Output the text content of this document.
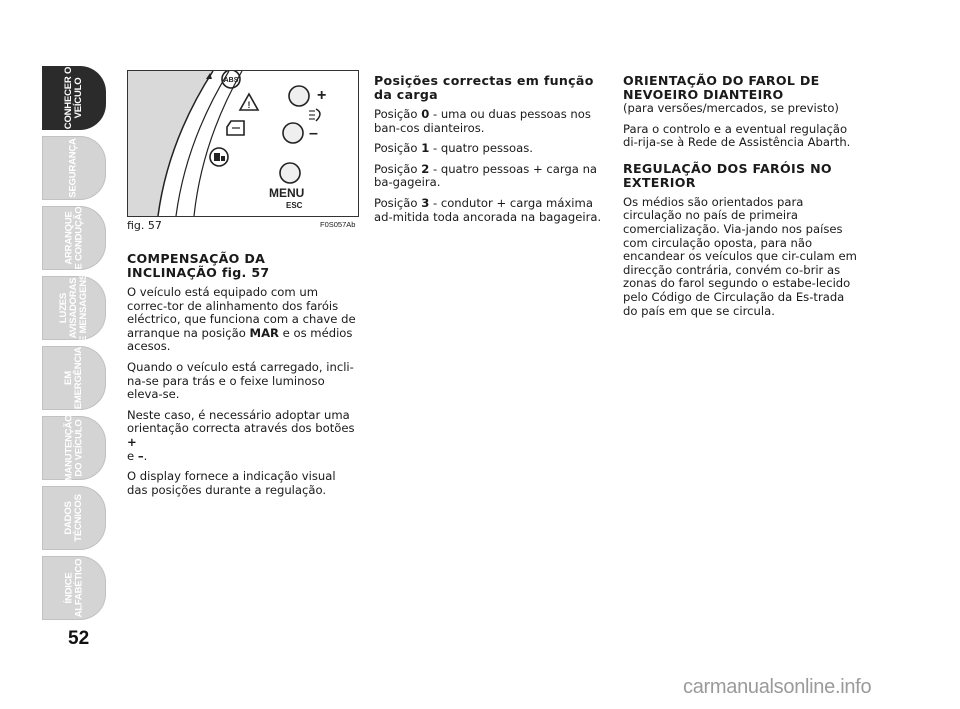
CONHECER O
VEÍCULO
SEGURANÇA
ARRANQUE
E CONDUÇÃO
LUZES
AVISADORAS
E MENSAGENS
EM
EMERGÊNCIA
MANUTENÇÃO
DO VEÍCULO
DADOS
TÉCNICOS
ÍNDICE
ALFABÉTICO
52
ABS
!
+
–
MENU
ESC
fig. 57	F0S057Ab
COMPENSAÇÃO DA
INCLINAÇÃO fig. 57

O veículo está equipado com um correc-tor de alinhamento dos faróis eléctrico, que funciona com a chave de arranque na posição MAR e os médios acesos.

Quando o veículo está carregado, incli-na-se para trás e o feixe luminoso eleva-se.

Neste caso, é necessário adoptar uma orientação correcta através dos botões +
e –.

O display fornece a indicação visual das posições durante a regulação.

Posições correctas em função
da carga

Posição 0 - uma ou duas pessoas nos ban-cos dianteiros.

Posição 1 - quatro pessoas.

Posição 2 - quatro pessoas + carga na ba-gageira.

Posição 3 - condutor + carga máxima ad-mitida toda ancorada na bagageira.

ORIENTAÇÃO DO FAROL DE
NEVOEIRO DIANTEIRO

(para versões/mercados, se previsto)

Para o controlo e a eventual regulação di-rija-se à Rede de Assistência Abarth.

REGULAÇÃO DOS FARÓIS NO
EXTERIOR

Os médios são orientados para circulação no país de primeira comercialização. Via-jando nos países com circulação oposta, para não encandear os veículos que cir-culam em direcção contrária, convém co-brir as zonas do farol segundo o estabe-lecido pelo Código de Circulação da Es-trada do país em que se circula.

carmanualsonline.info
